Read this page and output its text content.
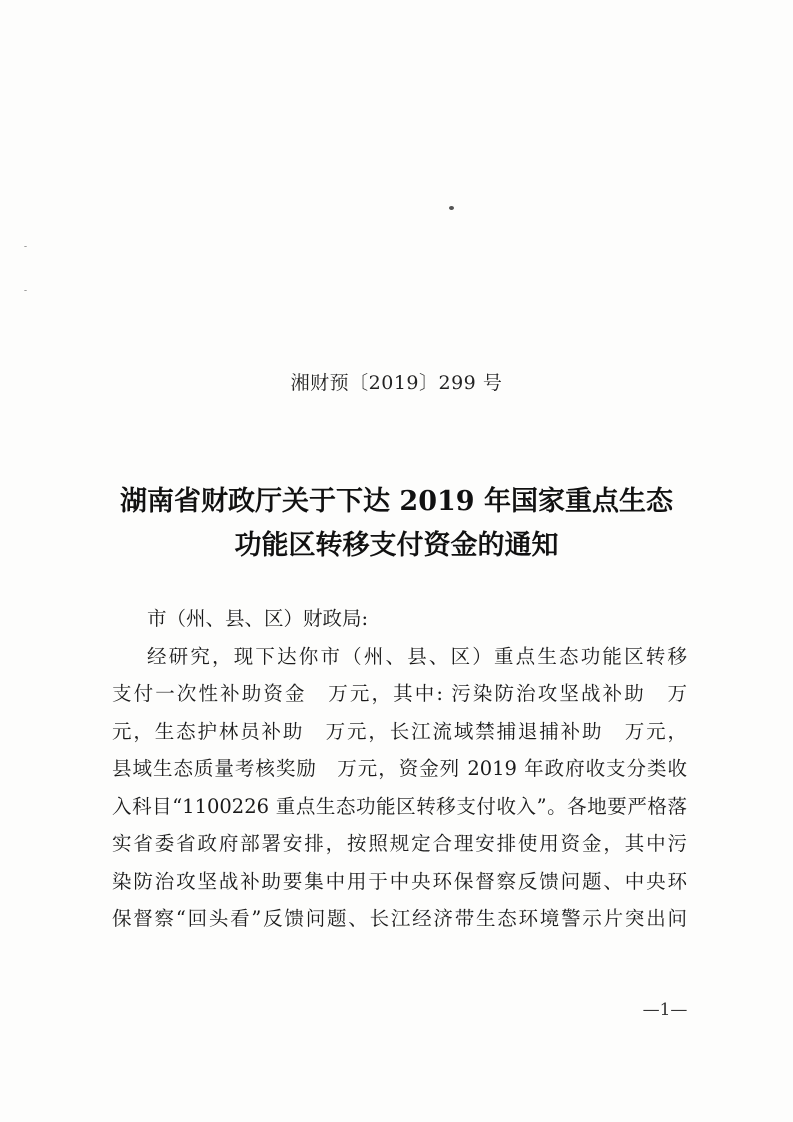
湘财预〔2019〕299 号
湖南省财政厅关于下达 2019 年国家重点生态
功能区转移支付资金的通知
市（州、县、区）财政局:
经研究，现下达你市（州、县、区）重点生态功能区转移
支付一次性补助资金　万元，其中: 污染防治攻坚战补助　万
元，生态护林员补助　万元，长江流域禁捕退捕补助　万元，
县域生态质量考核奖励　万元，资金列 2019 年政府收支分类收
入科目“1100226 重点生态功能区转移支付收入”。各地要严格落
实省委省政府部署安排，按照规定合理安排使用资金，其中污
染防治攻坚战补助要集中用于中央环保督察反馈问题、中央环
保督察“回头看”反馈问题、长江经济带生态环境警示片突出问
—1—
